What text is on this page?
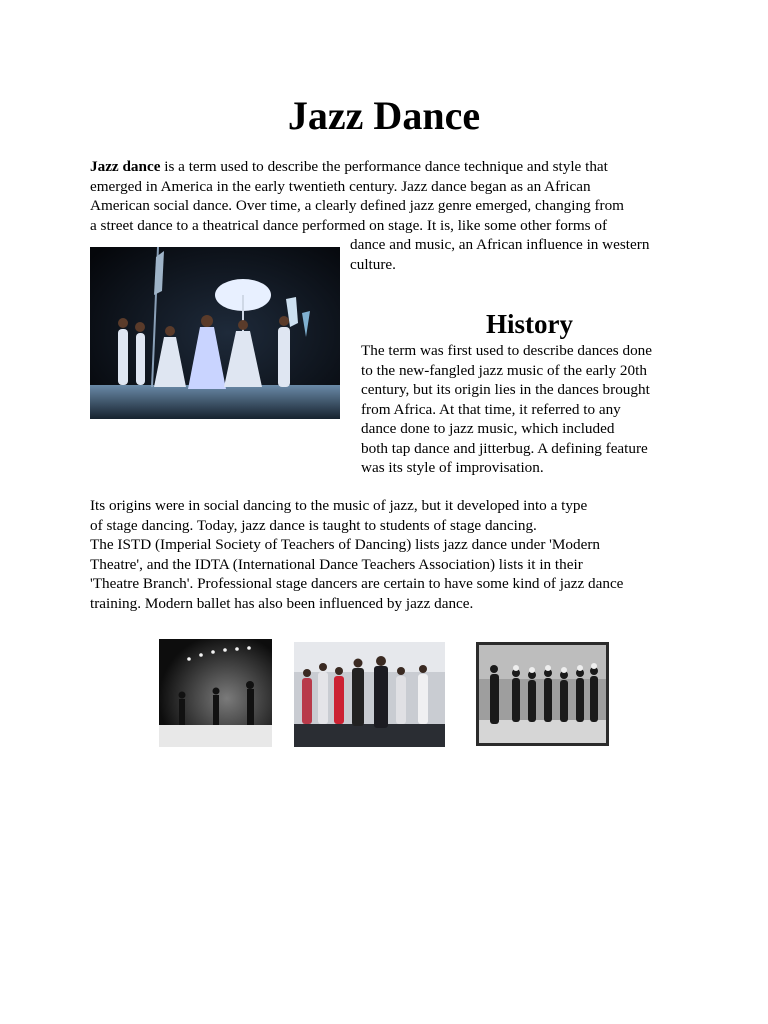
Jazz Dance
Jazz dance is a term used to describe the performance dance technique and style that
emerged in America in the early twentieth century. Jazz dance began as an African
American social dance. Over time, a clearly defined jazz genre emerged, changing from
a street dance to a theatrical dance performed on stage. It is, like some other forms of
dance and music, an African influence in western
culture.
History
The term was first used to describe dances done
to the new-fangled jazz music of the early 20th
century, but its origin lies in the dances brought
from Africa. At that time, it referred to any
dance done to jazz music, which included
both tap dance and jitterbug. A defining feature
was its style of improvisation.
Its origins were in social dancing to the music of jazz, but it developed into a type
of stage dancing. Today, jazz dance is taught to students of stage dancing.
The ISTD (Imperial Society of Teachers of Dancing) lists jazz dance under 'Modern
Theatre', and the IDTA (International Dance Teachers Association) lists it in their
'Theatre Branch'. Professional stage dancers are certain to have some kind of jazz dance
training. Modern ballet has also been influenced by jazz dance.
